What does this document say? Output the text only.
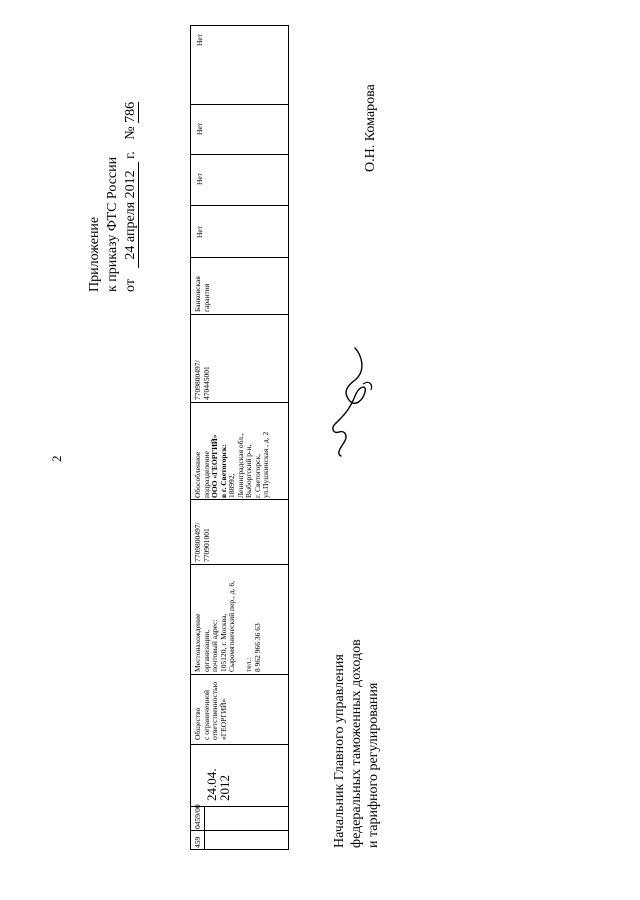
2
Приложение к приказу ФТС России от 24 апреля 2012 г. № 786
Нет
Нет
Нет
Нет
Банковская гарантия
7709800497/ 470445001
Обособленное подразделение ООО «ГЕОРГИЙ» в г. Светогорск: 188992, Ленинградская обл., Выборгский р-н, г. Светогорск, ул.Пушкинская , д. 2
7709800497/ 770901001
Местонахождение организации, почтовый адрес: 105120, г. Москва, Сыромятнический пер., д. 6,
тел.: 8 962 966 36 63
Общество с ограниченной ответственностью «ГЕОРГИЙ»
24.04.
2012
0459/00
459
О.Н. Комарова
Начальник Главного управления федеральных таможенных доходов и тарифного регулирования
